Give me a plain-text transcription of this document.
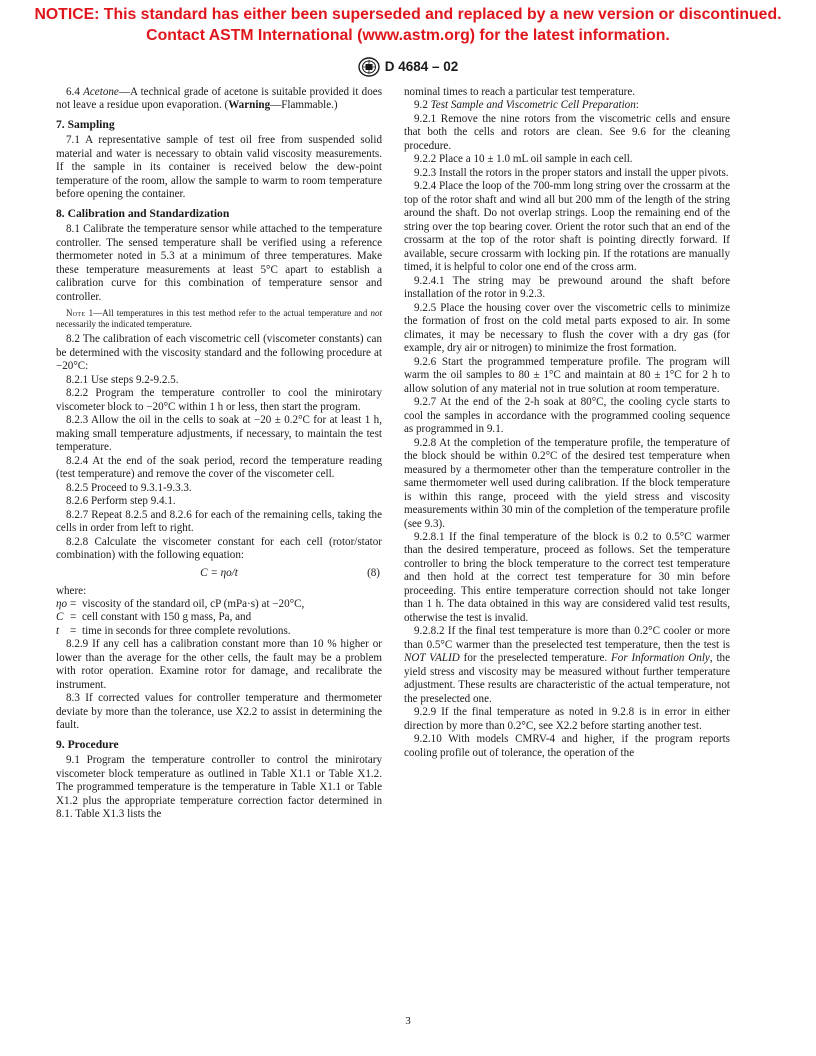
NOTICE: This standard has either been superseded and replaced by a new version or discontinued.
Contact ASTM International (www.astm.org) for the latest information.
D 4684 – 02

6.4 Acetone—A technical grade of acetone is suitable provided it does not leave a residue upon evaporation. (Warning—Flammable.)

7. Sampling

7.1 A representative sample of test oil free from suspended solid material and water is necessary to obtain valid viscosity measurements. If the sample in its container is received below the dew-point temperature of the room, allow the sample to warm to room temperature before opening the container.

8. Calibration and Standardization

8.1 Calibrate the temperature sensor while attached to the temperature controller. The sensed temperature shall be verified using a reference thermometer noted in 5.3 at a minimum of three temperatures. Make these temperature measurements at least 5°C apart to establish a calibration curve for this combination of temperature sensor and controller.

Note 1—All temperatures in this test method refer to the actual temperature and not necessarily the indicated temperature.

8.2 The calibration of each viscometric cell (viscometer constants) can be determined with the viscosity standard and the following procedure at −20°C:

8.2.1 Use steps 9.2-9.2.5.

8.2.2 Program the temperature controller to cool the minirotary viscometer block to −20°C within 1 h or less, then start the program.

8.2.3 Allow the oil in the cells to soak at −20 ± 0.2°C for at least 1 h, making small temperature adjustments, if necessary, to maintain the test temperature.

8.2.4 At the end of the soak period, record the temperature reading (test temperature) and remove the cover of the viscometer cell.

8.2.5 Proceed to 9.3.1-9.3.3.

8.2.6 Perform step 9.4.1.

8.2.7 Repeat 8.2.5 and 8.2.6 for each of the remaining cells, taking the cells in order from left to right.

8.2.8 Calculate the viscometer constant for each cell (rotor/stator combination) with the following equation:

C = ηo/t	(8)

where:

ηo = viscosity of the standard oil, cP (mPa·s) at −20°C,
C = cell constant with 150 g mass, Pa, and
t = time in seconds for three complete revolutions.

8.2.9 If any cell has a calibration constant more than 10 % higher or lower than the average for the other cells, the fault may be a problem with rotor operation. Examine rotor for damage, and recalibrate the instrument.

8.3 If corrected values for controller temperature and thermometer deviate by more than the tolerance, use X2.2 to assist in determining the fault.

9. Procedure

9.1 Program the temperature controller to control the minirotary viscometer block temperature as outlined in Table X1.1 or Table X1.2. The programmed temperature is the temperature in Table X1.1 or Table X1.2 plus the appropriate temperature correction factor determined in 8.1. Table X1.3 lists the

nominal times to reach a particular test temperature.

9.2 Test Sample and Viscometric Cell Preparation:

9.2.1 Remove the nine rotors from the viscometric cells and ensure that both the cells and rotors are clean. See 9.6 for the cleaning procedure.

9.2.2 Place a 10 ± 1.0 mL oil sample in each cell.

9.2.3 Install the rotors in the proper stators and install the upper pivots.

9.2.4 Place the loop of the 700-mm long string over the crossarm at the top of the rotor shaft and wind all but 200 mm of the length of the string around the shaft. Do not overlap strings. Loop the remaining end of the string over the top bearing cover. Orient the rotor such that an end of the crossarm at the top of the rotor shaft is pointing directly forward. If available, secure crossarm with locking pin. If the rotations are manually timed, it is helpful to color one end of the cross arm.

9.2.4.1 The string may be prewound around the shaft before installation of the rotor in 9.2.3.

9.2.5 Place the housing cover over the viscometric cells to minimize the formation of frost on the cold metal parts exposed to air. In some climates, it may be necessary to flush the cover with a dry gas (for example, dry air or nitrogen) to minimize the frost formation.

9.2.6 Start the programmed temperature profile. The program will warm the oil samples to 80 ± 1°C and maintain at 80 ± 1°C for 2 h to allow solution of any material not in true solution at room temperature.

9.2.7 At the end of the 2-h soak at 80°C, the cooling cycle starts to cool the samples in accordance with the programmed cooling sequence as programmed in 9.1.

9.2.8 At the completion of the temperature profile, the temperature of the block should be within 0.2°C of the desired test temperature when measured by a thermometer other than the temperature controller in the same thermometer well used during calibration. If the block temperature is within this range, proceed with the yield stress and viscosity measurements within 30 min of the completion of the temperature profile (see 9.3).

9.2.8.1 If the final temperature of the block is 0.2 to 0.5°C warmer than the desired temperature, proceed as follows. Set the temperature controller to bring the block temperature to the correct test temperature and then hold at the correct test temperature for 30 min before proceeding. This entire temperature correction should not take longer than 1 h. The data obtained in this way are considered valid test results, otherwise the test is invalid.

9.2.8.2 If the final test temperature is more than 0.2°C cooler or more than 0.5°C warmer than the preselected test temperature, then the test is NOT VALID for the preselected temperature. For Information Only, the yield stress and viscosity may be measured without further temperature adjustment. These results are characteristic of the actual temperature, not the preselected one.

9.2.9 If the final temperature as noted in 9.2.8 is in error in either direction by more than 0.2°C, see X2.2 before starting another test.

9.2.10 With models CMRV-4 and higher, if the program reports cooling profile out of tolerance, the operation of the

3
